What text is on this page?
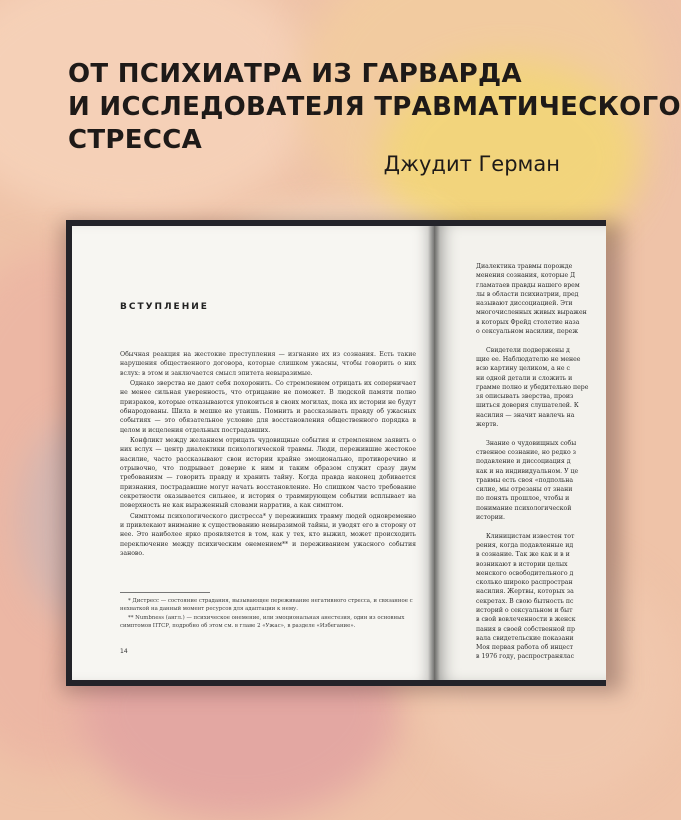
ОТ ПСИХИАТРА ИЗ ГАРВАРДА
И ИССЛЕДОВАТЕЛЯ ТРАВМАТИЧЕСКОГО
СТРЕССА
Джудит Герман
ВСТУПЛЕНИЕ

Обычная реакция на жестокие преступления — изгнание их из сознания. Есть такие нарушения общественного договора, которые слишком ужасны, чтобы говорить о них вслух: в этом и заключается смысл эпитета невыразимые.

Однако зверства не дают себя похоронить. Со стремлением отрицать их соперничает не менее сильная уверенность, что отрицание не поможет. В людской памяти полно призраков, которые отказываются упокоиться в своих могилах, пока их истории не будут обнародованы. Шила в мешке не утаишь. Помнить и рассказывать правду об ужасных событиях — это обязательное условие для восстановления общественного порядка в целом и исцеления отдельных пострадавших.

Конфликт между желанием отрицать чудовищные события и стремлением заявить о них вслух — центр диалектики психологической травмы. Люди, пережившие жестокое насилие, часто рассказывают свои истории крайне эмоционально, противоречиво и отрывочно, что подрывает доверие к ним и таким образом служит сразу двум требованиям — говорить правду и хранить тайну. Когда правда наконец добивается признания, пострадавшие могут начать восстановление. Но слишком часто требование секретности оказывается сильнее, и история о травмирующем событии всплывает на поверхность не как выраженный словами нарратив, а как симптом.

Симптомы психологического дистресса* у переживших травму людей одновременно и привлекают внимание к существованию невыразимой тайны, и уводят его в сторону от нее. Это наиболее ярко проявляется в том, как у тех, кто выжил, может происходить переключение между психическим онемением** и переживанием ужасного события заново.

* Дистресс — состояние страдания, вызывающее переживание негативного стресса, и связанное с нехваткой на данный момент ресурсов для адаптации к нему.

** Numbness (англ.) — психическое онемение, или эмоциональная анестезия, один из основных симптомов ПТСР, подробно об этом см. в главе 2 «Ужас», в разделе «Избегание».

14
Диалектика травмы порожде
менения сознания, которые Д
гламатаев правды нашего врем
лы в области психиатрии, пред
называют диссоциацией. Эти
многочисленных живых выражен
в которых Фрейд столетие наза
о сексуальном насилии, переж
Свидетели подвержены д
щие ее. Наблюдателю не менее
всю картину целиком, а не с
ни одной детали и сложить и
грамме полно и убедительно пере
зя описывать зверства, произ
шиться доверия слушателей. К
насилия — значит навлечь на
жертв.
Знание о чудовищных собы
ственное сознание, но редко з
подавление и диссоциация д
как и на индивидуальном. У це
травмы есть своя «подпольна
силие, мы отрезаны от знани
по понять прошлое, чтобы и
понимание психологической
истории.
Клиницистам известен тот
рения, когда подавленные ид
в сознание. Так же как и в и
возникают в истории целых
менского освободительного д
сколько широко распростран
насилия. Жертвы, которых за
секретах. В свою бытность пс
историй о сексуальном и быт
в свой вовлеченности в женск
пания в своей собственной пр
вала свидетельские показани
Моя первая работа об инцест
в 1976 году, распространялас
